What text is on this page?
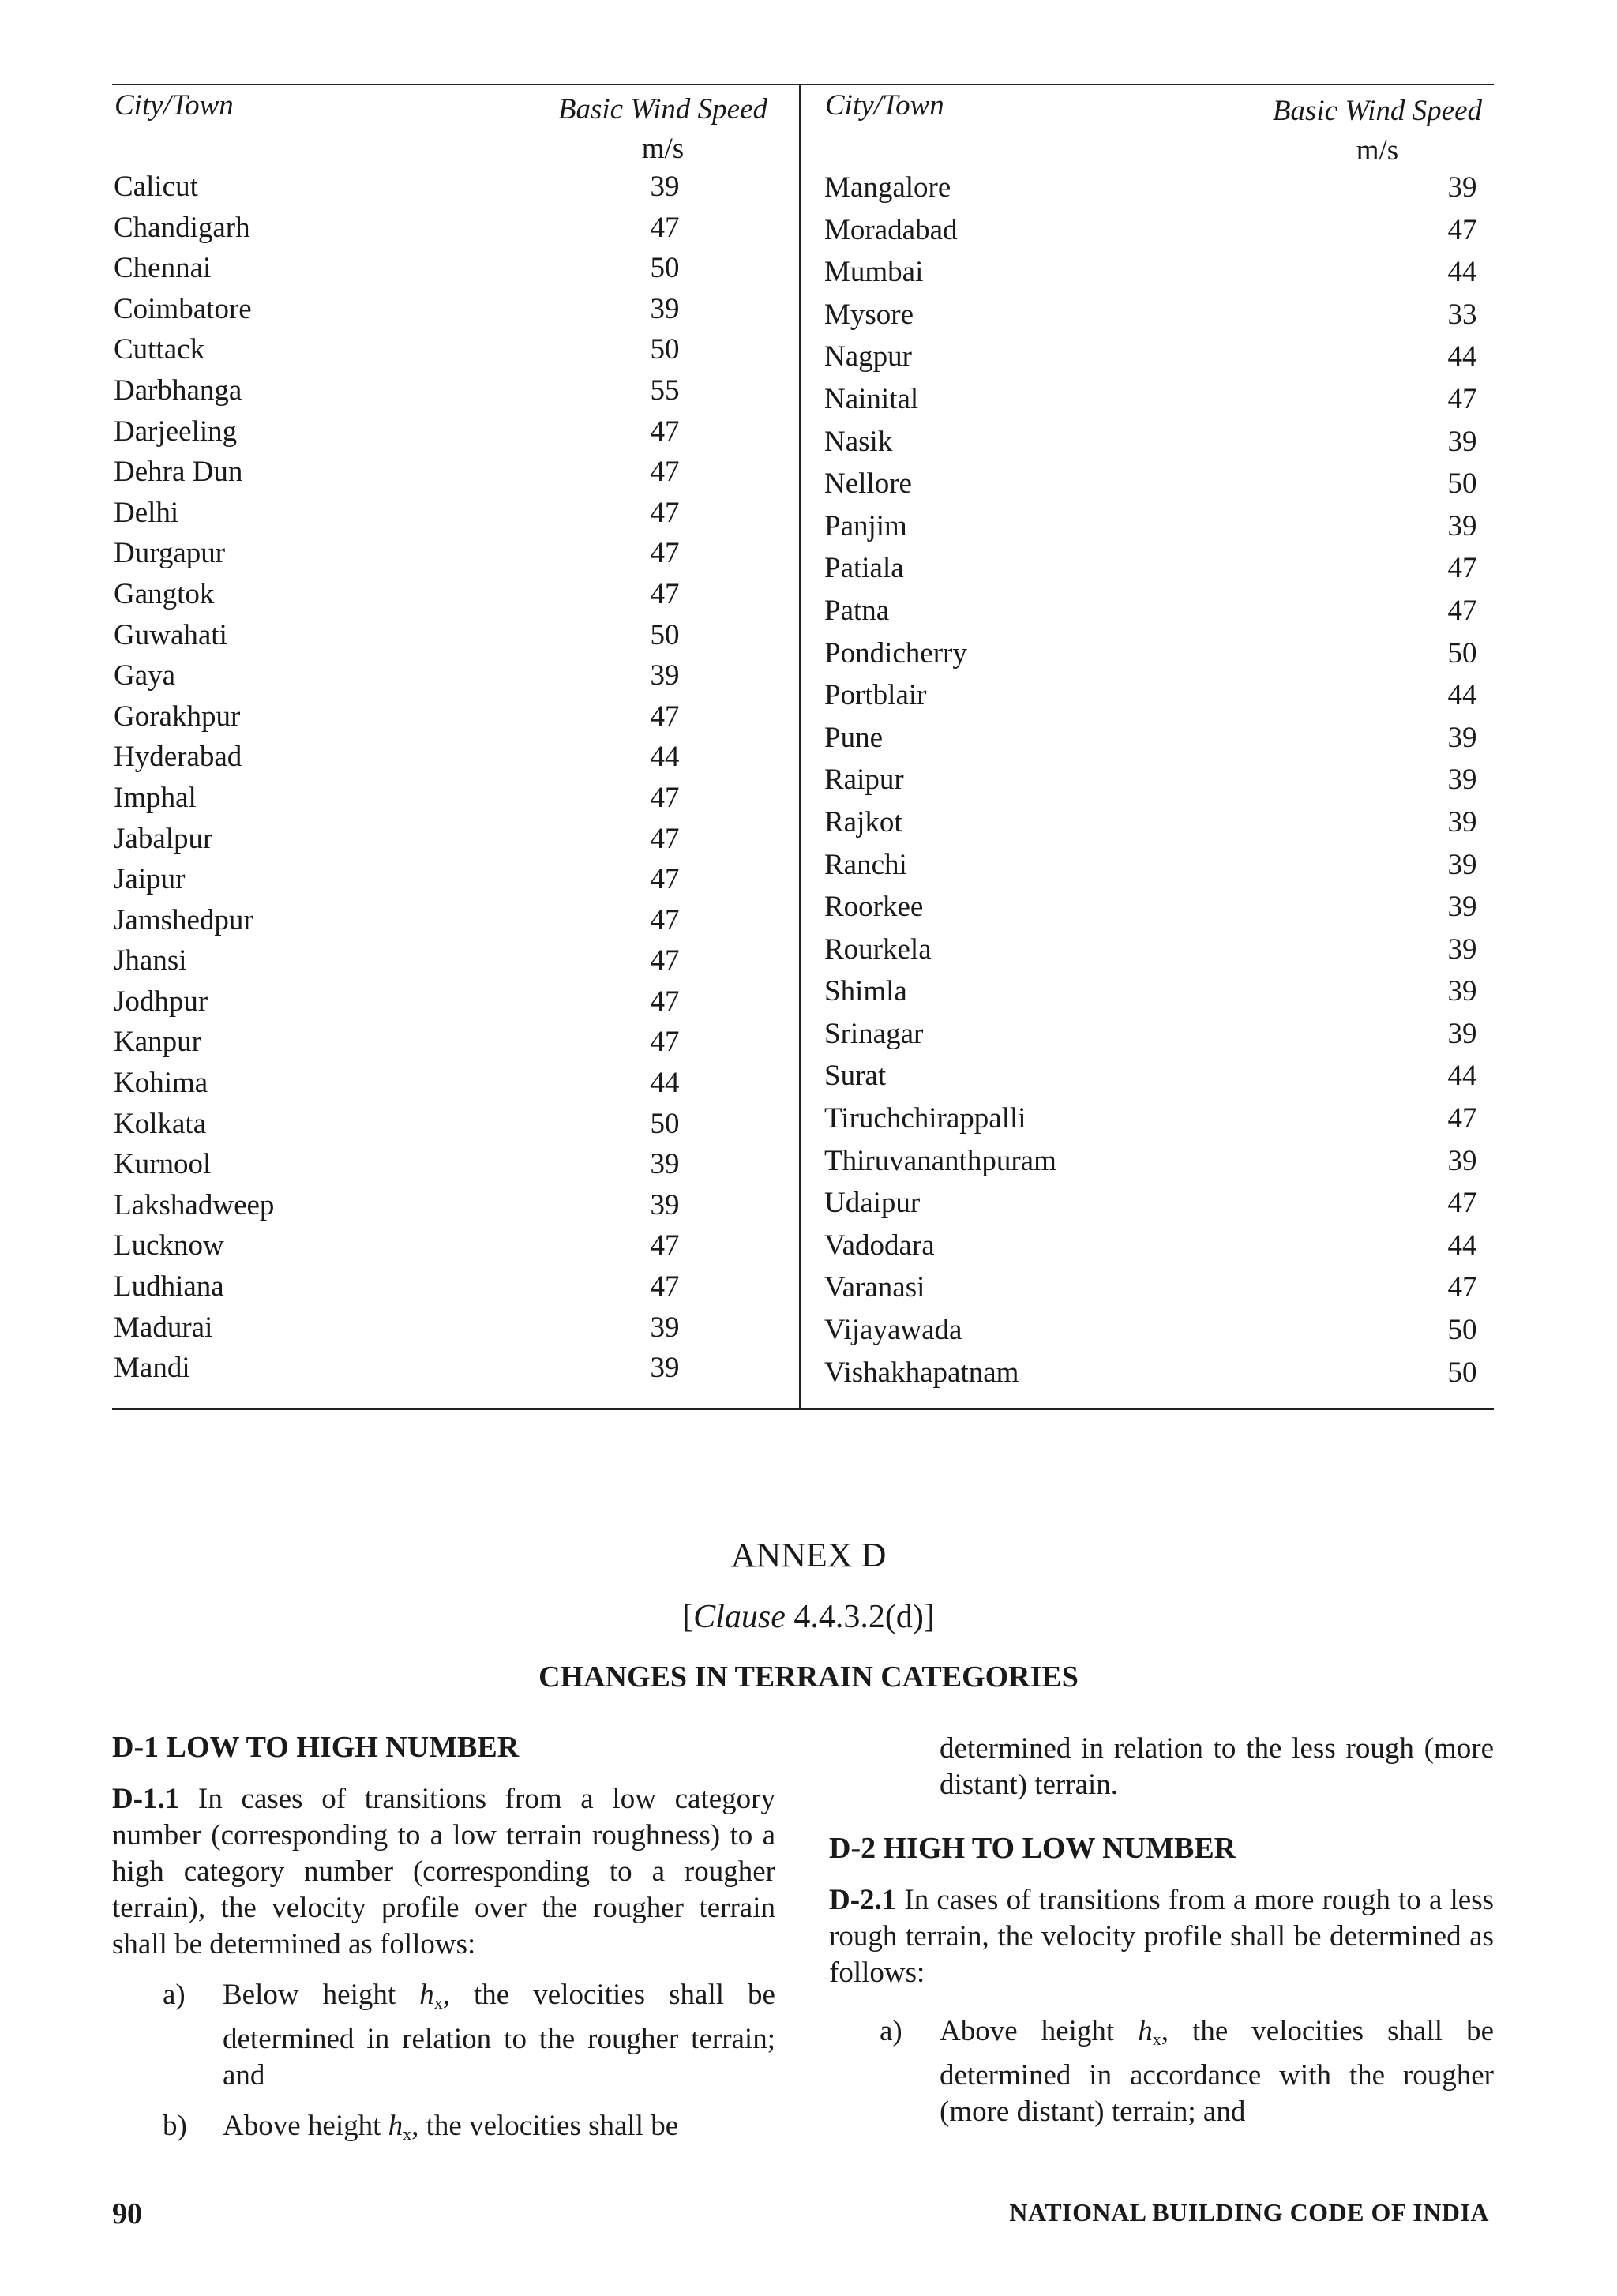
City/Town	Basic Wind Speed
m/s
Calicut	39
Chandigarh	47
Chennai	50
Coimbatore	39
Cuttack	50
Darbhanga	55
Darjeeling	47
Dehra Dun	47
Delhi	47
Durgapur	47
Gangtok	47
Guwahati	50
Gaya	39
Gorakhpur	47
Hyderabad	44
Imphal	47
Jabalpur	47
Jaipur	47
Jamshedpur	47
Jhansi	47
Jodhpur	47
Kanpur	47
Kohima	44
Kolkata	50
Kurnool	39
Lakshadweep	39
Lucknow	47
Ludhiana	47
Madurai	39
Mandi	39
City/Town	Basic Wind Speed
m/s
Mangalore	39
Moradabad	47
Mumbai	44
Mysore	33
Nagpur	44
Nainital	47
Nasik	39
Nellore	50
Panjim	39
Patiala	47
Patna	47
Pondicherry	50
Portblair	44
Pune	39
Raipur	39
Rajkot	39
Ranchi	39
Roorkee	39
Rourkela	39
Shimla	39
Srinagar	39
Surat	44
Tiruchchirappalli	47
Thiruvananthpuram	39
Udaipur	47
Vadodara	44
Varanasi	47
Vijayawada	50
Vishakhapatnam	50
ANNEX D
[Clause 4.4.3.2(d)]
CHANGES IN TERRAIN CATEGORIES

D-1 LOW TO HIGH NUMBER

D-1.1 In cases of transitions from a low category number (corresponding to a low terrain roughness) to a high category number (corresponding to a rougher terrain), the velocity profile over the rougher terrain shall be determined as follows:

a) Below height $h_x$, the velocities shall be determined in relation to the rougher terrain; and
b) Above height $h_x$, the velocities shall be

determined in relation to the less rough (more distant) terrain.

D-2 HIGH TO LOW NUMBER

D-2.1 In cases of transitions from a more rough to a less rough terrain, the velocity profile shall be determined as follows:

a) Above height $h_x$, the velocities shall be determined in accordance with the rougher (more distant) terrain; and
90	NATIONAL BUILDING CODE OF INDIA
